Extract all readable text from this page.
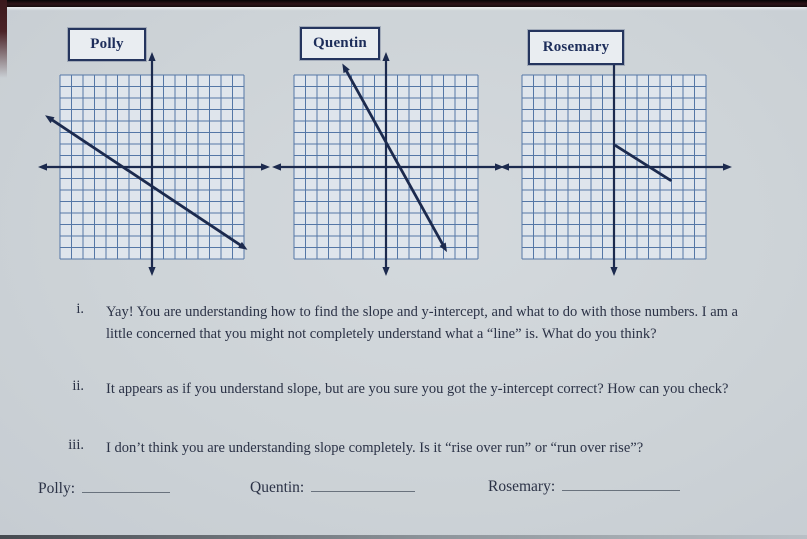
Polly	Quentin	Rosemary
i. Yay! You are understanding how to find the slope and y-intercept, and what to do with those numbers. I am a little concerned that you might not completely understand what a “line” is. What do you think?
ii. It appears as if you understand slope, but are you sure you got the y-intercept correct? How can you check?
iii. I don’t think you are understanding slope completely. Is it “rise over run” or “run over rise”?
Polly:	Quentin:	Rosemary:
